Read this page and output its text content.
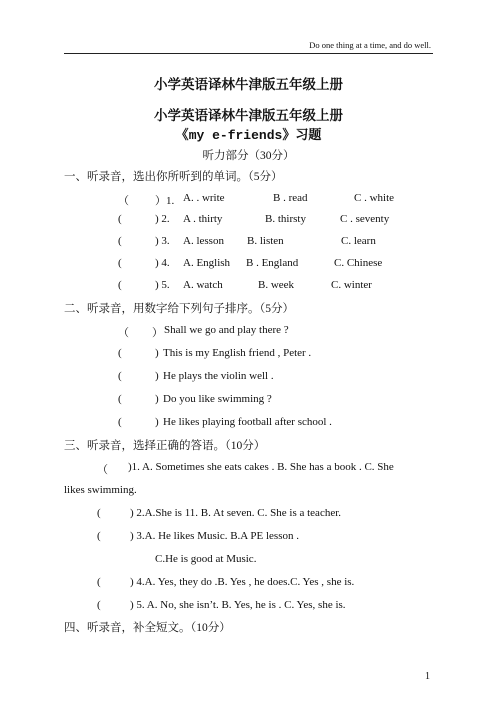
Do one thing at a time, and do well.
小学英语译林牛津版五年级上册
小学英语译林牛津版五年级上册
《my e-friends》习题
听力部分（30分）
一、听录音，选出你所听到的单词。（5分）
（ ）1. A. . write	B . read	C . white
(	) 2. A . thirty	B. thirsty	C . seventy
(	) 3. A. lesson B. listen	C. learn
(	) 4. A. English B . England	C. Chinese
(	) 5. A. watch	B. week	C. winter
二、听录音，用数字给下列句子排序。（5分）
（ ） Shall we go and play there ?
(	) This is my English friend , Peter .
(	) He plays the violin well .
(	) Do you like swimming ?
(	) He likes playing football after school .
三、听录音，选择正确的答语。（10分）
（ )1. A. Sometimes she eats cakes . B. She has a book . C. She
likes swimming.
(	) 2.A.She is 11. B. At seven. C. She is a teacher.
(	) 3.A. He likes Music. B.A PE lesson .
C.He is good at Music.
(	) 4.A. Yes, they do .B. Yes , he does.C. Yes , she is.
(	) 5. A. No, she isn’t. B. Yes, he is . C. Yes, she is.
四、听录音，补全短文。（10分）
1
